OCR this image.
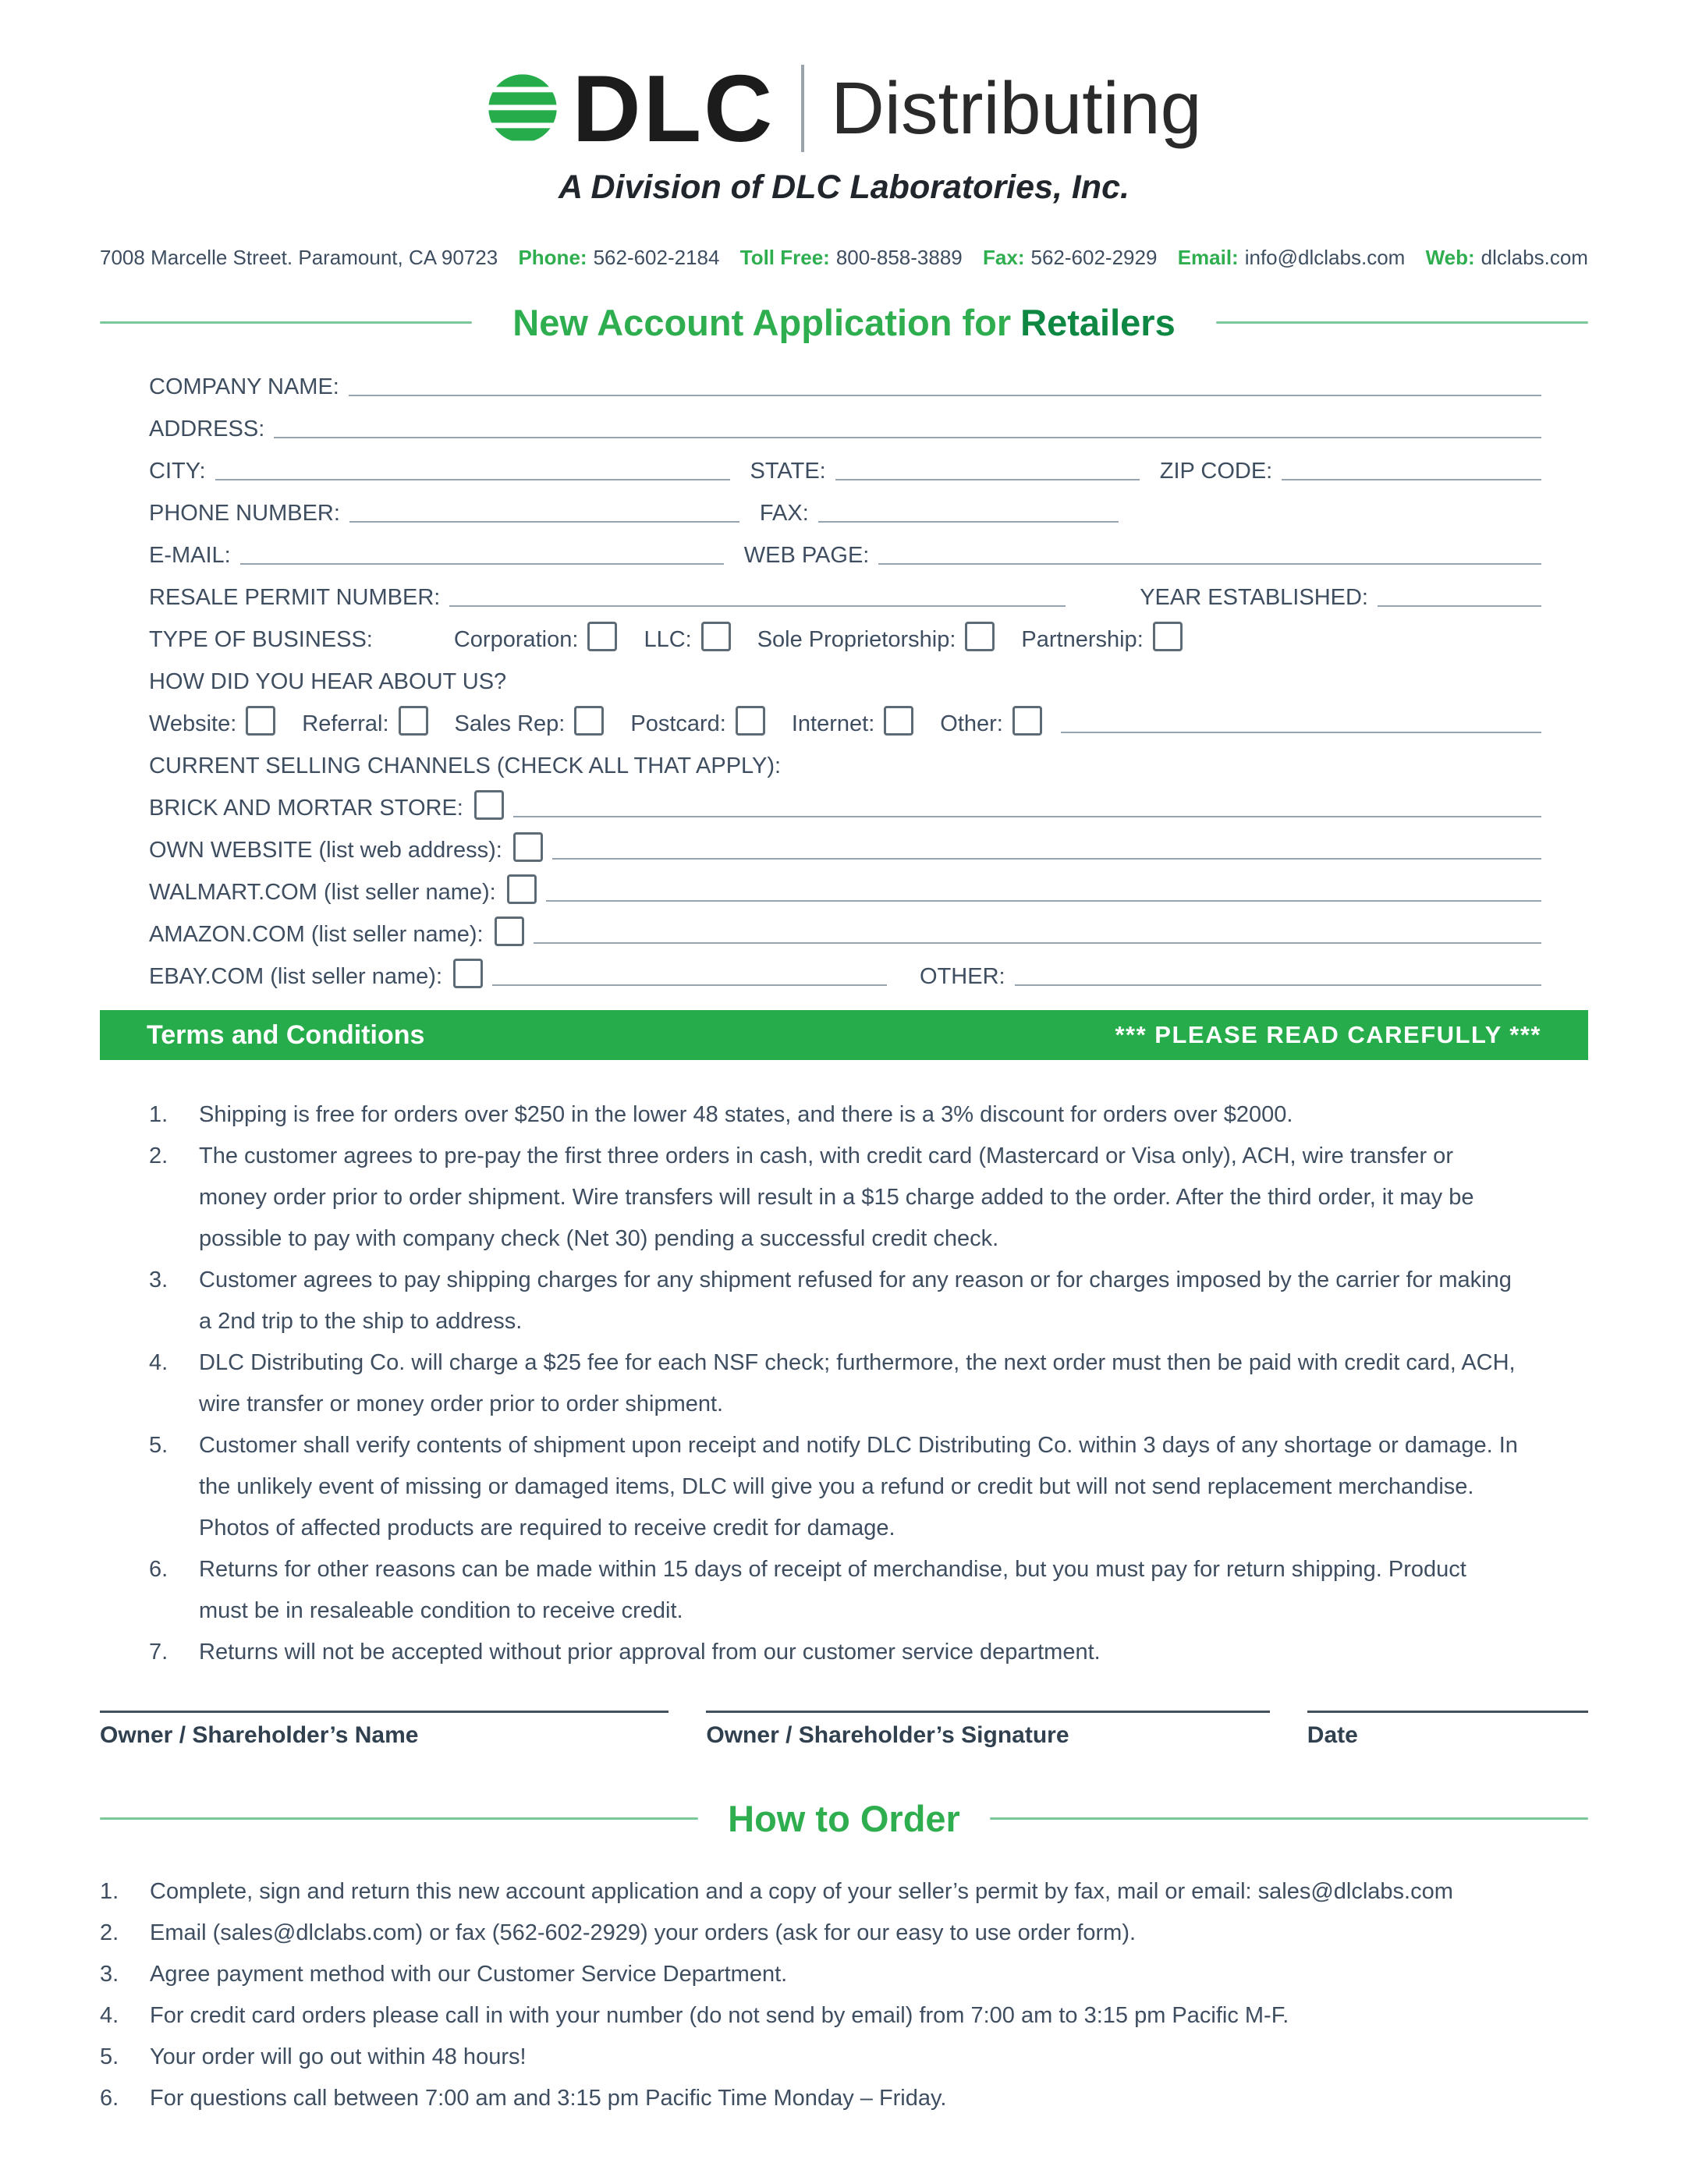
DLC Distributing
A Division of DLC Laboratories, Inc.
7008 Marcelle Street. Paramount, CA 90723 Phone: 562-602-2184 Toll Free: 800-858-3889 Fax: 562-602-2929 Email: info@dlclabs.com Web: dlclabs.com
New Account Application for Retailers
COMPANY NAME:
ADDRESS:
CITY:	STATE:	ZIP CODE:
PHONE NUMBER:	FAX:
E-MAIL:	WEB PAGE:
RESALE PERMIT NUMBER:	YEAR ESTABLISHED:
TYPE OF BUSINESS:	Corporation:	LLC:	Sole Proprietorship:	Partnership:
HOW DID YOU HEAR ABOUT US?
Website:	Referral:	Sales Rep:	Postcard:	Internet:	Other:
CURRENT SELLING CHANNELS (CHECK ALL THAT APPLY):
BRICK AND MORTAR STORE:
OWN WEBSITE (list web address):
WALMART.COM (list seller name):
AMAZON.COM (list seller name):
EBAY.COM (list seller name):	OTHER:
Terms and Conditions	*** PLEASE READ CAREFULLY ***
1.	Shipping is free for orders over $250 in the lower 48 states, and there is a 3% discount for orders over $2000.
2.	The customer agrees to pre-pay the first three orders in cash, with credit card (Mastercard or Visa only), ACH, wire transfer or money order prior to order shipment. Wire transfers will result in a $15 charge added to the order. After the third order, it may be possible to pay with company check (Net 30) pending a successful credit check.
3.	Customer agrees to pay shipping charges for any shipment refused for any reason or for charges imposed by the carrier for making a 2nd trip to the ship to address.
4.	DLC Distributing Co. will charge a $25 fee for each NSF check; furthermore, the next order must then be paid with credit card, ACH, wire transfer or money order prior to order shipment.
5.	Customer shall verify contents of shipment upon receipt and notify DLC Distributing Co. within 3 days of any shortage or damage. In the unlikely event of missing or damaged items, DLC will give you a refund or credit but will not send replacement merchandise. Photos of affected products are required to receive credit for damage.
6.	Returns for other reasons can be made within 15 days of receipt of merchandise, but you must pay for return shipping. Product must be in resaleable condition to receive credit.
7.	Returns will not be accepted without prior approval from our customer service department.
Owner / Shareholder’s Name	Owner / Shareholder’s Signature	Date
How to Order
1.	Complete, sign and return this new account application and a copy of your seller’s permit by fax, mail or email: sales@dlclabs.com
2.	Email (sales@dlclabs.com) or fax (562-602-2929) your orders (ask for our easy to use order form).
3.	Agree payment method with our Customer Service Department.
4.	For credit card orders please call in with your number (do not send by email) from 7:00 am to 3:15 pm Pacific M-F.
5.	Your order will go out within 48 hours!
6.	For questions call between 7:00 am and 3:15 pm Pacific Time Monday – Friday.
